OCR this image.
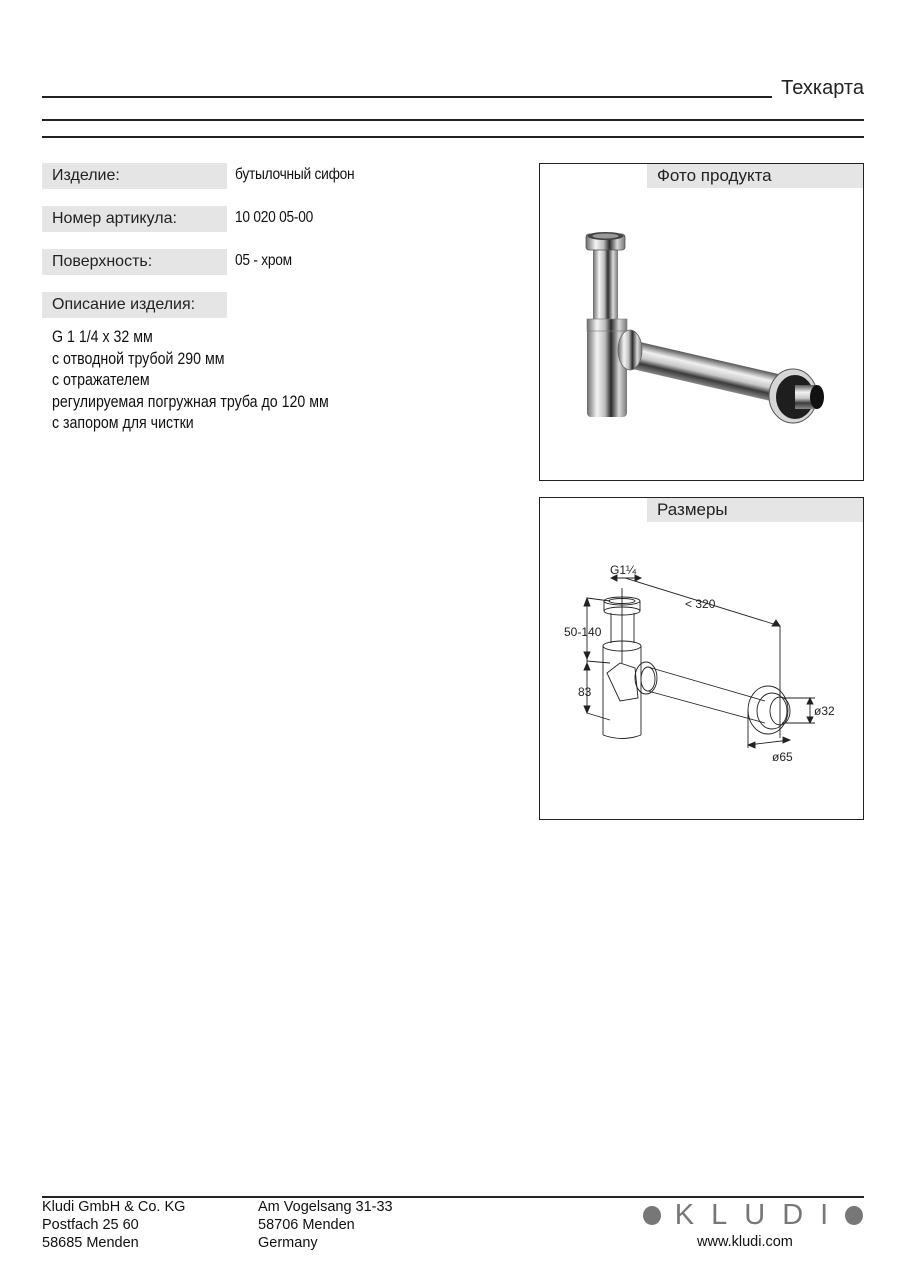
Техкарта
Изделие:	бутылочный сифон
Номер артикула:	10 020 05-00
Поверхность:	05 - хром
Описание изделия:
G 1 1/4 x 32 мм
с отводной трубой 290 мм
с отражателем
регулируемая погружная труба до 120 мм
с запором для чистки
Фото продукта
G1¼
< 320
50-140
83
ø32
ø65
Размеры
Kludi GmbH & Co. KG
Postfach 25 60
58685 Menden
Am Vogelsang 31-33
58706 Menden
Germany
KLUDI
www.kludi.com
